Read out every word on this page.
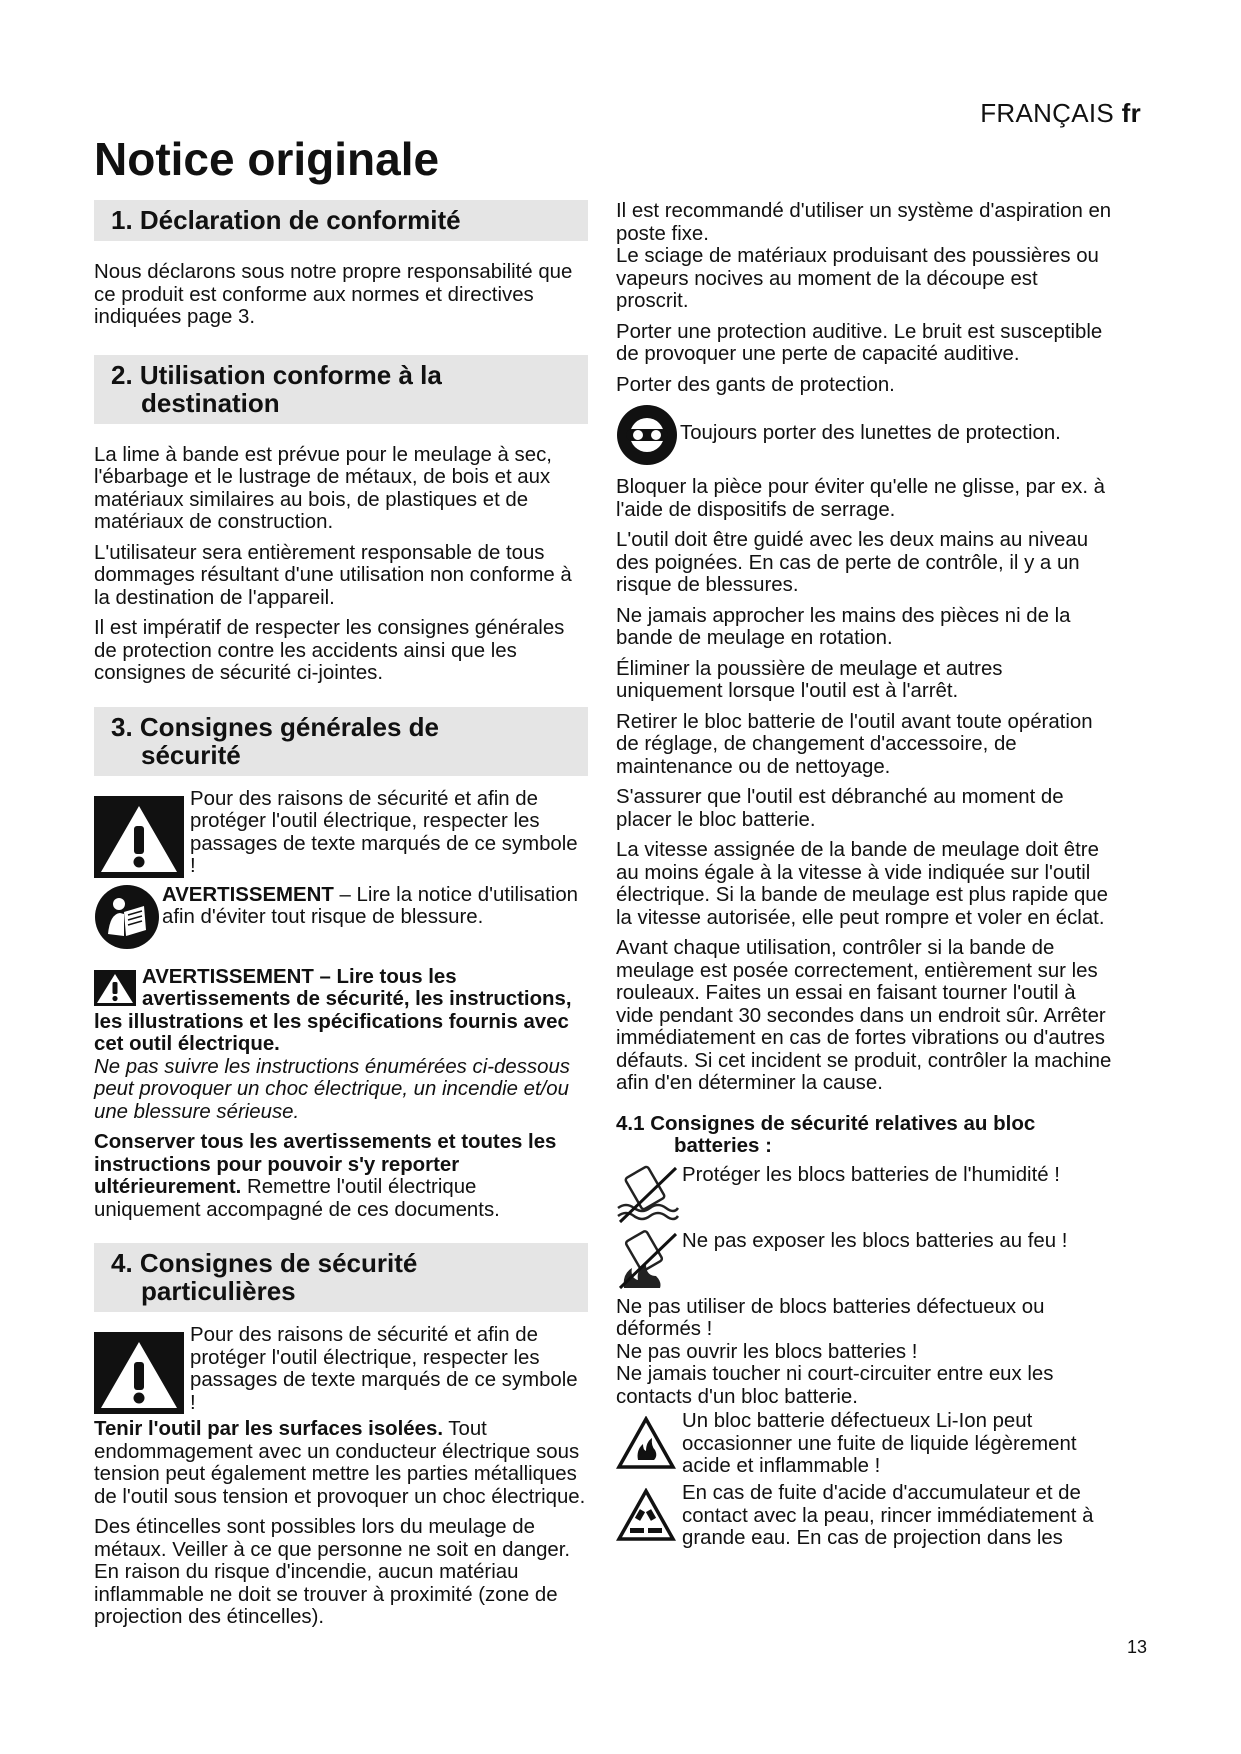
FRANÇAIS fr
Notice originale
1. Déclaration de conformité

Nous déclarons sous notre propre responsabilité que ce produit est conforme aux normes et directives indiquées page 3.

2. Utilisation conforme à la
destination

La lime à bande est prévue pour le meulage à sec, l'ébarbage et le lustrage de métaux, de bois et aux matériaux similaires au bois, de plastiques et de matériaux de construction.

L'utilisateur sera entièrement responsable de tous dommages résultant d'une utilisation non conforme à la destination de l'appareil.

Il est impératif de respecter les consignes générales de protection contre les accidents ainsi que les consignes de sécurité ci-jointes.

3. Consignes générales de
sécurité
Pour des raisons de sécurité et afin de protéger l'outil électrique, respecter les passages de texte marqués de ce symbole !
AVERTISSEMENT – Lire la notice d'utilisation afin d'éviter tout risque de blessure.
AVERTISSEMENT – Lire tous les avertissements de sécurité, les instructions, les illustrations et les spécifications fournis avec cet outil électrique.
Ne pas suivre les instructions énumérées ci-dessous peut provoquer un choc électrique, un incendie et/ou une blessure sérieuse.
Conserver tous les avertissements et toutes les instructions pour pouvoir s'y reporter ultérieurement. Remettre l'outil électrique uniquement accompagné de ces documents.
4. Consignes de sécurité
particulières
Pour des raisons de sécurité et afin de protéger l'outil électrique, respecter les passages de texte marqués de ce symbole !

Tenir l'outil par les surfaces isolées. Tout endommagement avec un conducteur électrique sous tension peut également mettre les parties métalliques de l'outil sous tension et provoquer un choc électrique.

Des étincelles sont possibles lors du meulage de métaux. Veiller à ce que personne ne soit en danger. En raison du risque d'incendie, aucun matériau inflammable ne doit se trouver à proximité (zone de projection des étincelles).

Il est recommandé d'utiliser un système d'aspiration en poste fixe.

Le sciage de matériaux produisant des poussières ou vapeurs nocives au moment de la découpe est proscrit.

Porter une protection auditive. Le bruit est susceptible de provoquer une perte de capacité auditive.

Porter des gants de protection.

Toujours porter des lunettes de protection.

Bloquer la pièce pour éviter qu'elle ne glisse, par ex. à l'aide de dispositifs de serrage.

L'outil doit être guidé avec les deux mains au niveau des poignées. En cas de perte de contrôle, il y a un risque de blessures.

Ne jamais approcher les mains des pièces ni de la bande de meulage en rotation.

Éliminer la poussière de meulage et autres uniquement lorsque l'outil est à l'arrêt.

Retirer le bloc batterie de l'outil avant toute opération de réglage, de changement d'accessoire, de maintenance ou de nettoyage.

S'assurer que l'outil est débranché au moment de placer le bloc batterie.

La vitesse assignée de la bande de meulage doit être au moins égale à la vitesse à vide indiquée sur l'outil électrique. Si la bande de meulage est plus rapide que la vitesse autorisée, elle peut rompre et voler en éclat.

Avant chaque utilisation, contrôler si la bande de meulage est posée correctement, entièrement sur les rouleaux. Faites un essai en faisant tourner l'outil à vide pendant 30 secondes dans un endroit sûr. Arrêter immédiatement en cas de fortes vibrations ou d'autres défauts. Si cet incident se produit, contrôler la machine afin d'en déterminer la cause.

4.1 Consignes de sécurité relatives au bloc
batteries :
Protéger les blocs batteries de l'humidité !
Ne pas exposer les blocs batteries au feu !

Ne pas utiliser de blocs batteries défectueux ou déformés !

Ne pas ouvrir les blocs batteries !

Ne jamais toucher ni court-circuiter entre eux les contacts d'un bloc batterie.

Un bloc batterie défectueux Li-Ion peut occasionner une fuite de liquide légèrement acide et inflammable !
En cas de fuite d'acide d'accumulateur et de contact avec la peau, rincer immédiatement à grande eau. En cas de projection dans les
13
